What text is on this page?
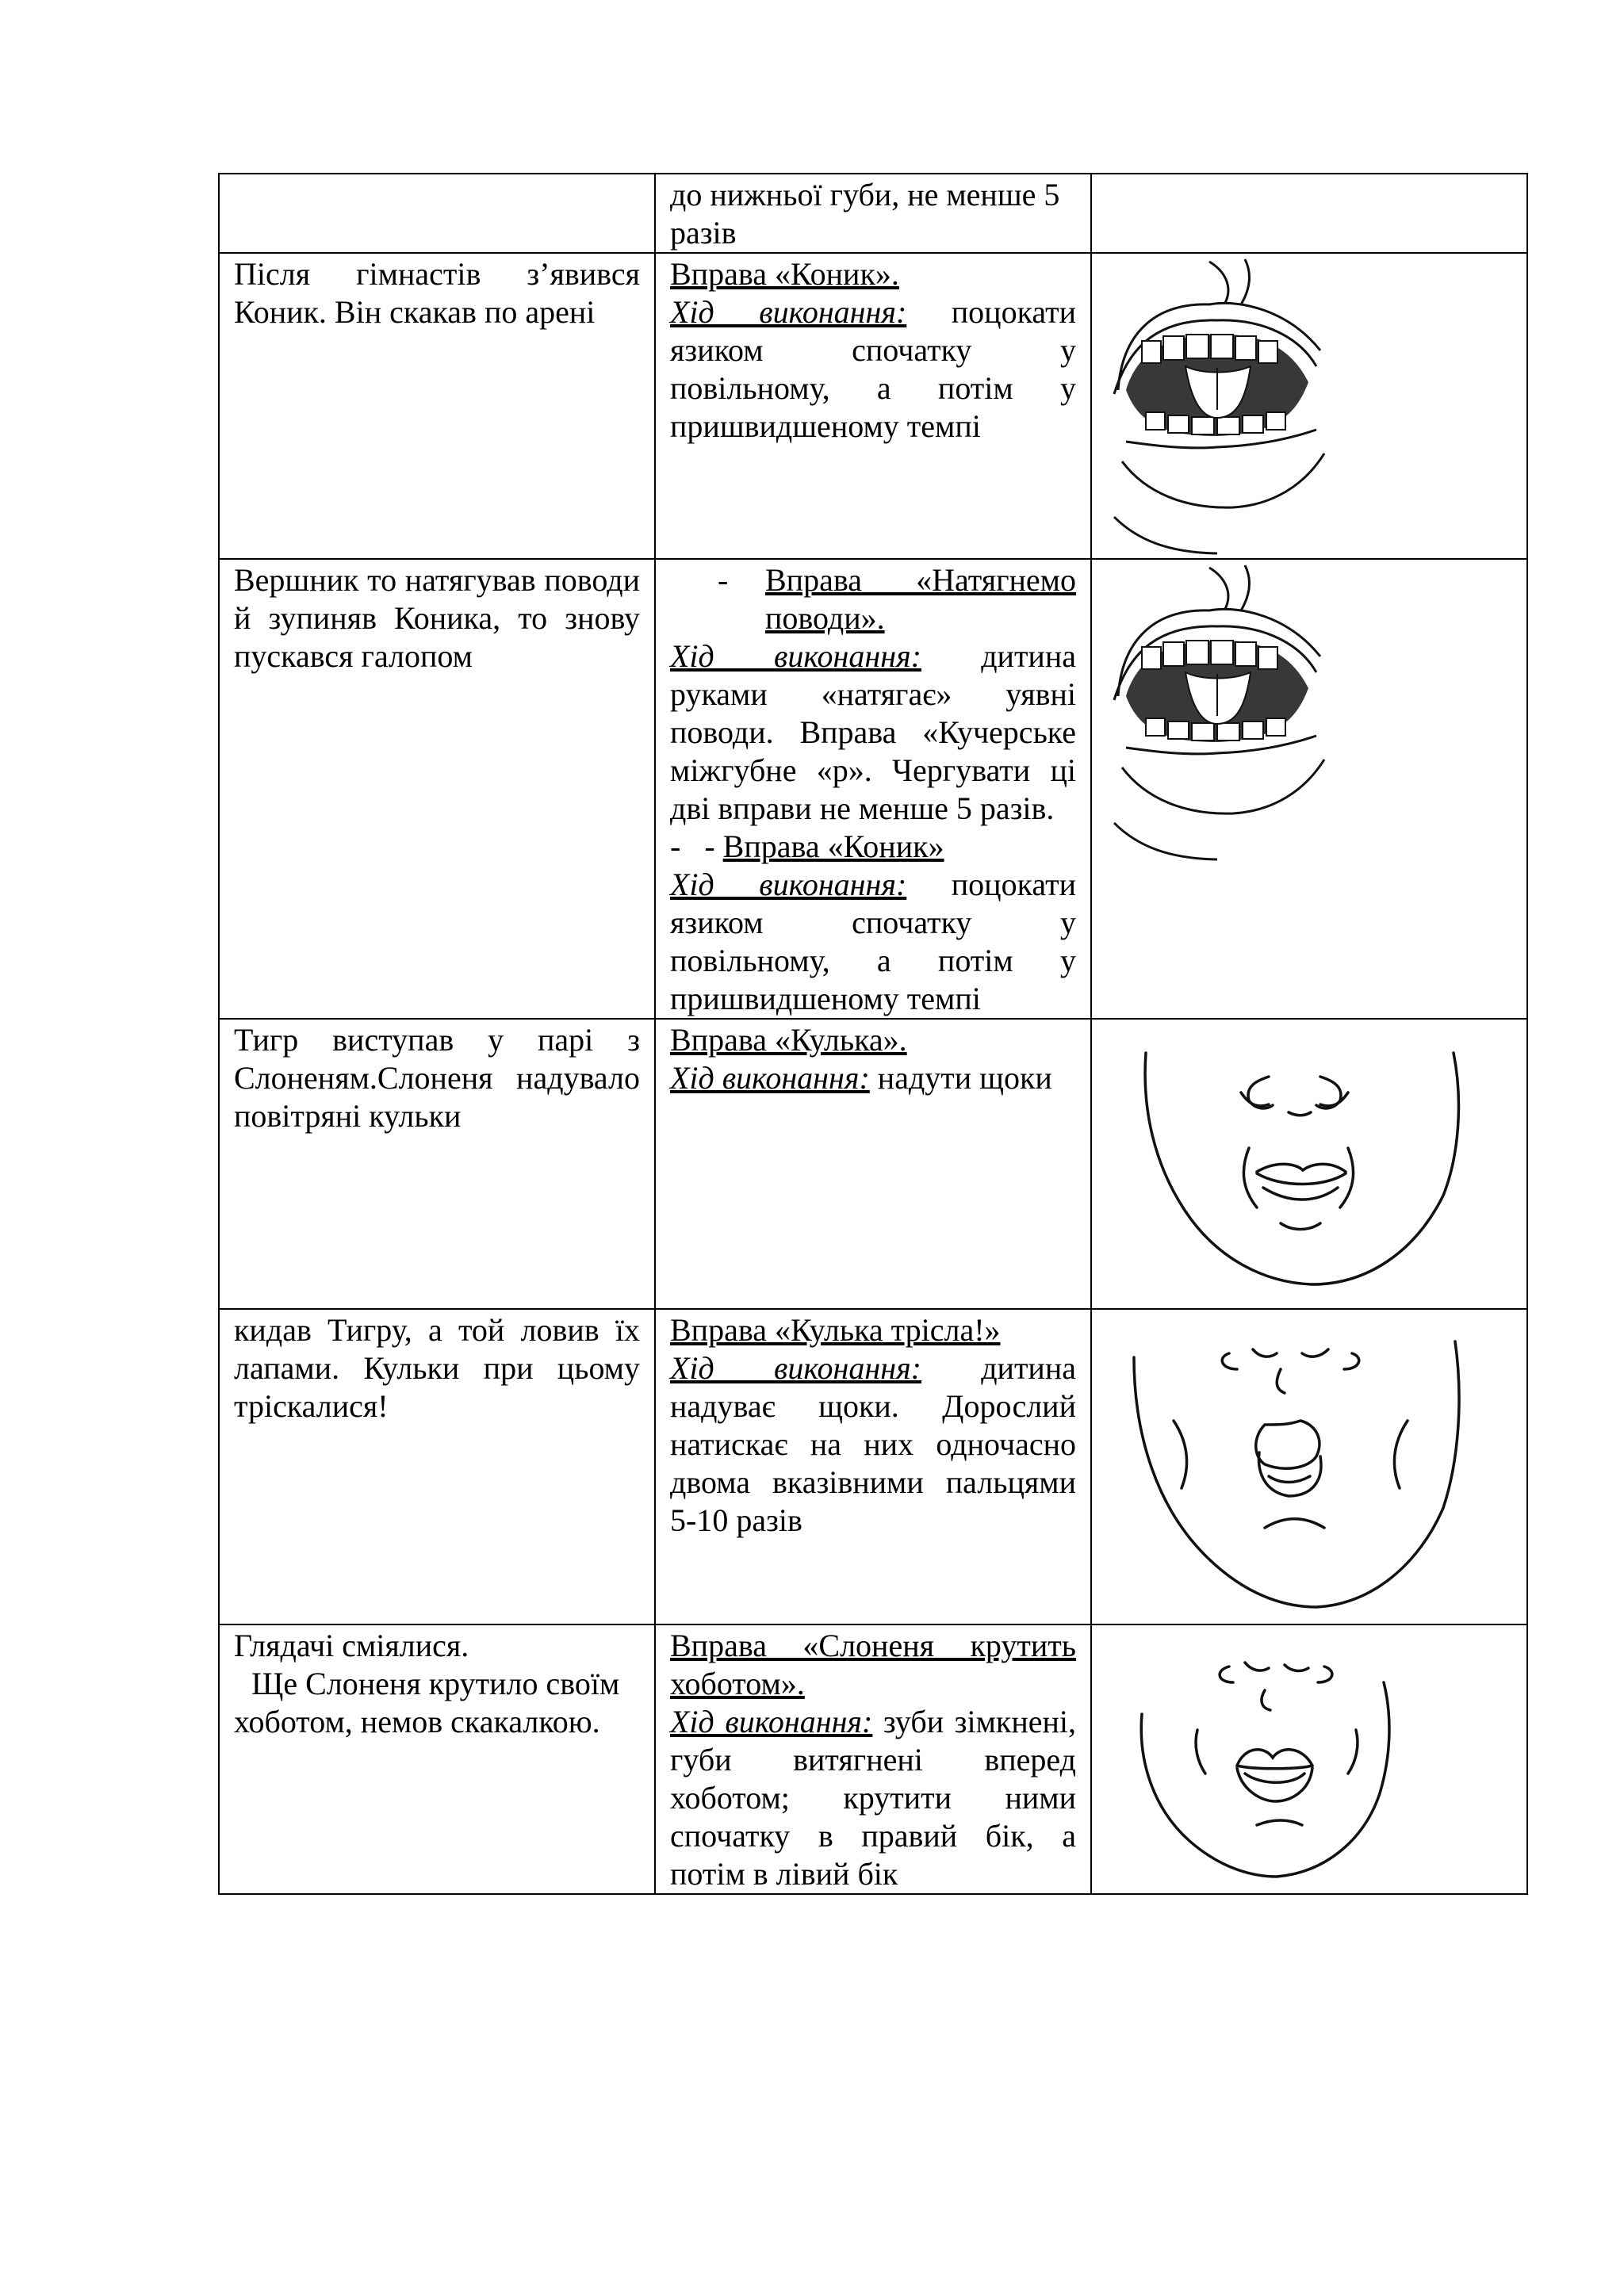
	до нижньої губи, не менше 5
разів	

Після гімнастів з’явився Коник. Він скакав по арені	Вправа «Коник».
Хід виконання: поцокати язиком спочатку у повільному, а потім у пришвидшеному темпі	

Вершник то натягував поводи й зупиняв Коника, то знову пускався галопом	- Вправа «Натягнемо поводи».
Хід виконання: дитина руками «натягає» уявні поводи. Вправа «Кучерське міжгубне «р». Чергувати ці дві вправи не менше 5 разів.
-   - Вправа «Коник»
Хід виконання: поцокати язиком спочатку у повільному, а потім у пришвидшеному темпі	

Тигр виступав у парі з Слоненям.Слоненя надувало повітряні кульки	Вправа «Кулька».
Хід виконання: надути щоки	

кидав Тигру, а той ловив їх лапами. Кульки при цьому тріскалися!	Вправа «Кулька трісла!»
Хід виконання: дитина надуває щоки. Дорослий натискає на них одночасно двома вказівними пальцями 5-10 разів	

Глядачі сміялися.
Ще Слоненя крутило своїм хоботом, немов скакалкою.	Вправа «Слоненя крутить хоботом».
Хід виконання: зуби зімкнені, губи витягнені вперед хоботом; крутити ними спочатку в правий бік, а потім в лівий бік	
